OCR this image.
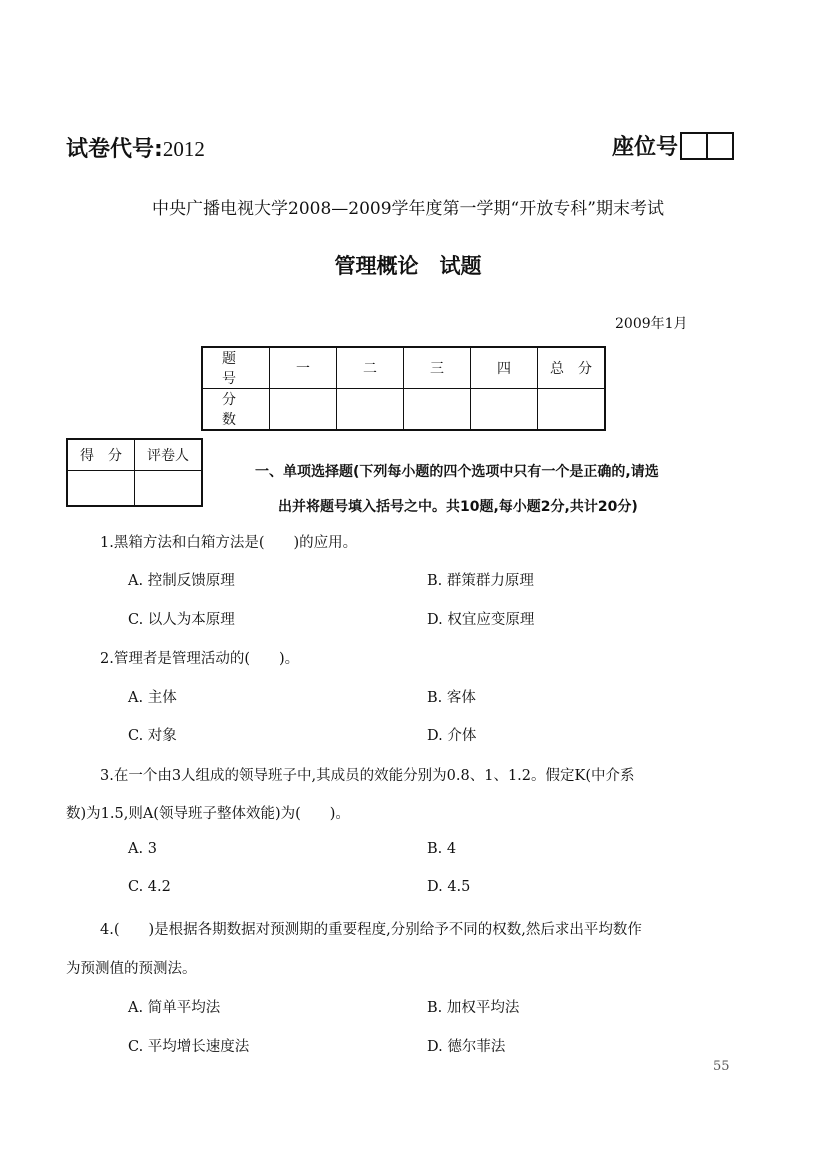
试卷代号:2012	座位号
中央广播电视大学2008—2009学年度第一学期“开放专科”期末考试
管理概论　试题
2009年1月
题　号	一	二	三	四	总　分
分　数					
得　分	评卷人

一、单项选择题(下列每小题的四个选项中只有一个是正确的,请选
出并将题号填入括号之中。共10题,每小题2分,共计20分)
1.黑箱方法和白箱方法是(　　)的应用。
A. 控制反馈原理	B. 群策群力原理
C. 以人为本原理	D. 权宜应变原理
2.管理者是管理活动的(　　)。
A. 主体	B. 客体
C. 对象	D. 介体
3.在一个由3人组成的领导班子中,其成员的效能分别为0.8、1、1.2。假定K(中介系
数)为1.5,则A(领导班子整体效能)为(　　)。
A. 3	B. 4
C. 4.2	D. 4.5
4.(　　)是根据各期数据对预测期的重要程度,分别给予不同的权数,然后求出平均数作
为预测值的预测法。
A. 简单平均法	B. 加权平均法
C. 平均增长速度法	D. 德尔菲法
55
